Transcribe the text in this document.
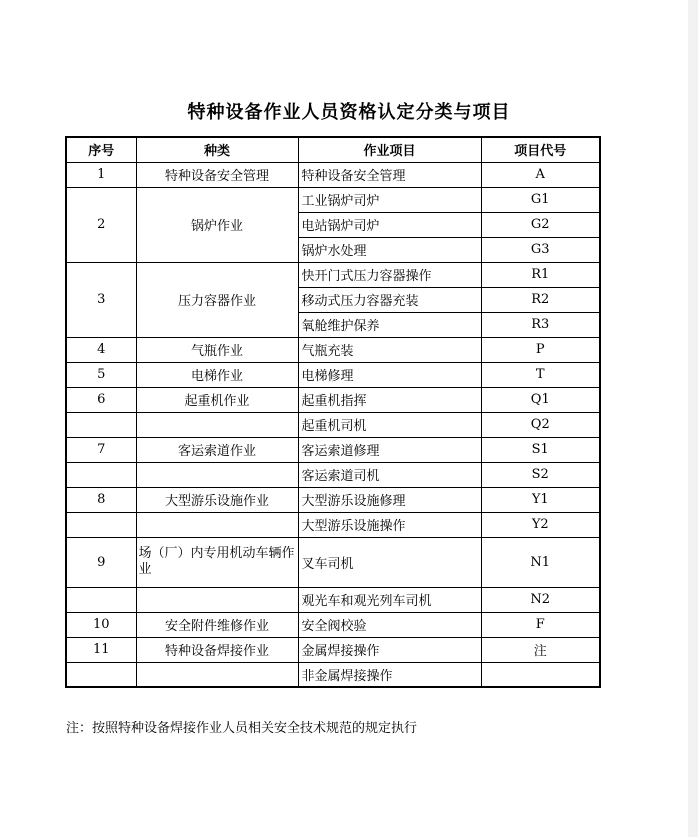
特种设备作业人员资格认定分类与项目
序号	种类	作业项目	项目代号
1	特种设备安全管理	特种设备安全管理	A
2	锅炉作业	工业锅炉司炉	G1
		电站锅炉司炉	G2
		锅炉水处理	G3
3	压力容器作业	快开门式压力容器操作	R1
		移动式压力容器充装	R2
		氧舱维护保养	R3
4	气瓶作业	气瓶充装	P
5	电梯作业	电梯修理	T
6	起重机作业	起重机指挥	Q1
		起重机司机	Q2
7	客运索道作业	客运索道修理	S1
		客运索道司机	S2
8	大型游乐设施作业	大型游乐设施修理	Y1
		大型游乐设施操作	Y2
9	场（厂）内专用机动车辆作业	叉车司机	N1
		观光车和观光列车司机	N2
10	安全附件维修作业	安全阀校验	F
11	特种设备焊接作业	金属焊接操作	注
		非金属焊接操作	
注：按照特种设备焊接作业人员相关安全技术规范的规定执行
